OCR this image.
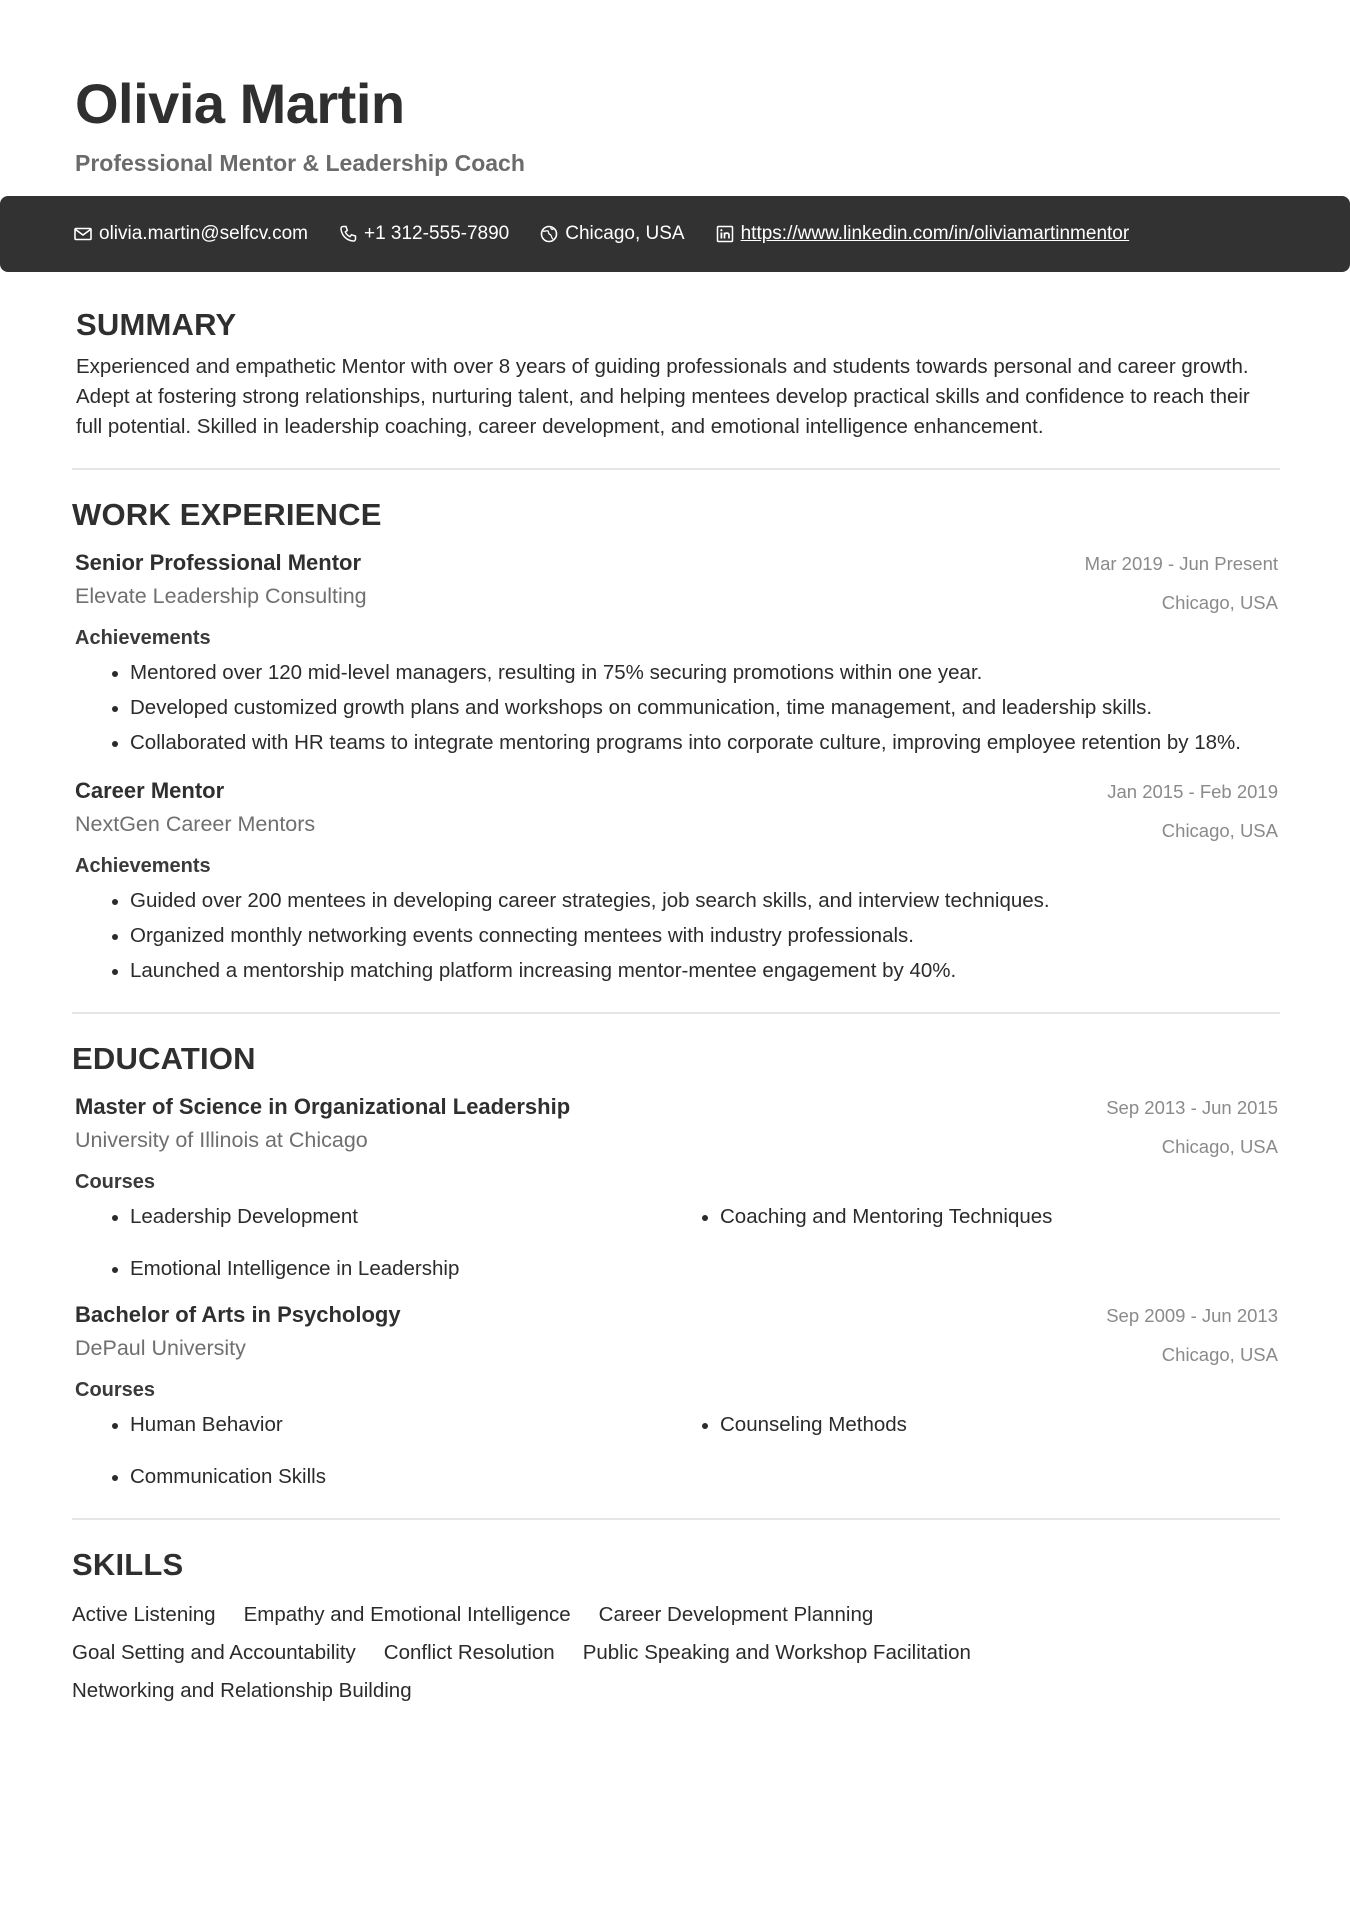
Olivia Martin
Professional Mentor & Leadership Coach
olivia.martin@selfcv.com	+1 312-555-7890	Chicago, USA	https://www.linkedin.com/in/oliviamartinmentor
SUMMARY

Experienced and empathetic Mentor with over 8 years of guiding professionals and students towards personal and career growth. Adept at fostering strong relationships, nurturing talent, and helping mentees develop practical skills and confidence to reach their full potential. Skilled in leadership coaching, career development, and emotional intelligence enhancement.

WORK EXPERIENCE
Senior Professional Mentor	Mar 2019 - Jun Present
Elevate Leadership Consulting	Chicago, USA
Achievements
Mentored over 120 mid-level managers, resulting in 75% securing promotions within one year.
Developed customized growth plans and workshops on communication, time management, and leadership skills.
Collaborated with HR teams to integrate mentoring programs into corporate culture, improving employee retention by 18%.
Career Mentor	Jan 2015 - Feb 2019
NextGen Career Mentors	Chicago, USA
Achievements
Guided over 200 mentees in developing career strategies, job search skills, and interview techniques.
Organized monthly networking events connecting mentees with industry professionals.
Launched a mentorship matching platform increasing mentor-mentee engagement by 40%.
EDUCATION
Master of Science in Organizational Leadership	Sep 2013 - Jun 2015
University of Illinois at Chicago	Chicago, USA
Courses
Leadership Development	Coaching and Mentoring Techniques
Emotional Intelligence in Leadership
Bachelor of Arts in Psychology	Sep 2009 - Jun 2013
DePaul University	Chicago, USA
Courses
Human Behavior	Counseling Methods
Communication Skills
SKILLS
Active Listening Empathy and Emotional Intelligence Career Development Planning
Goal Setting and Accountability Conflict Resolution Public Speaking and Workshop Facilitation
Networking and Relationship Building
